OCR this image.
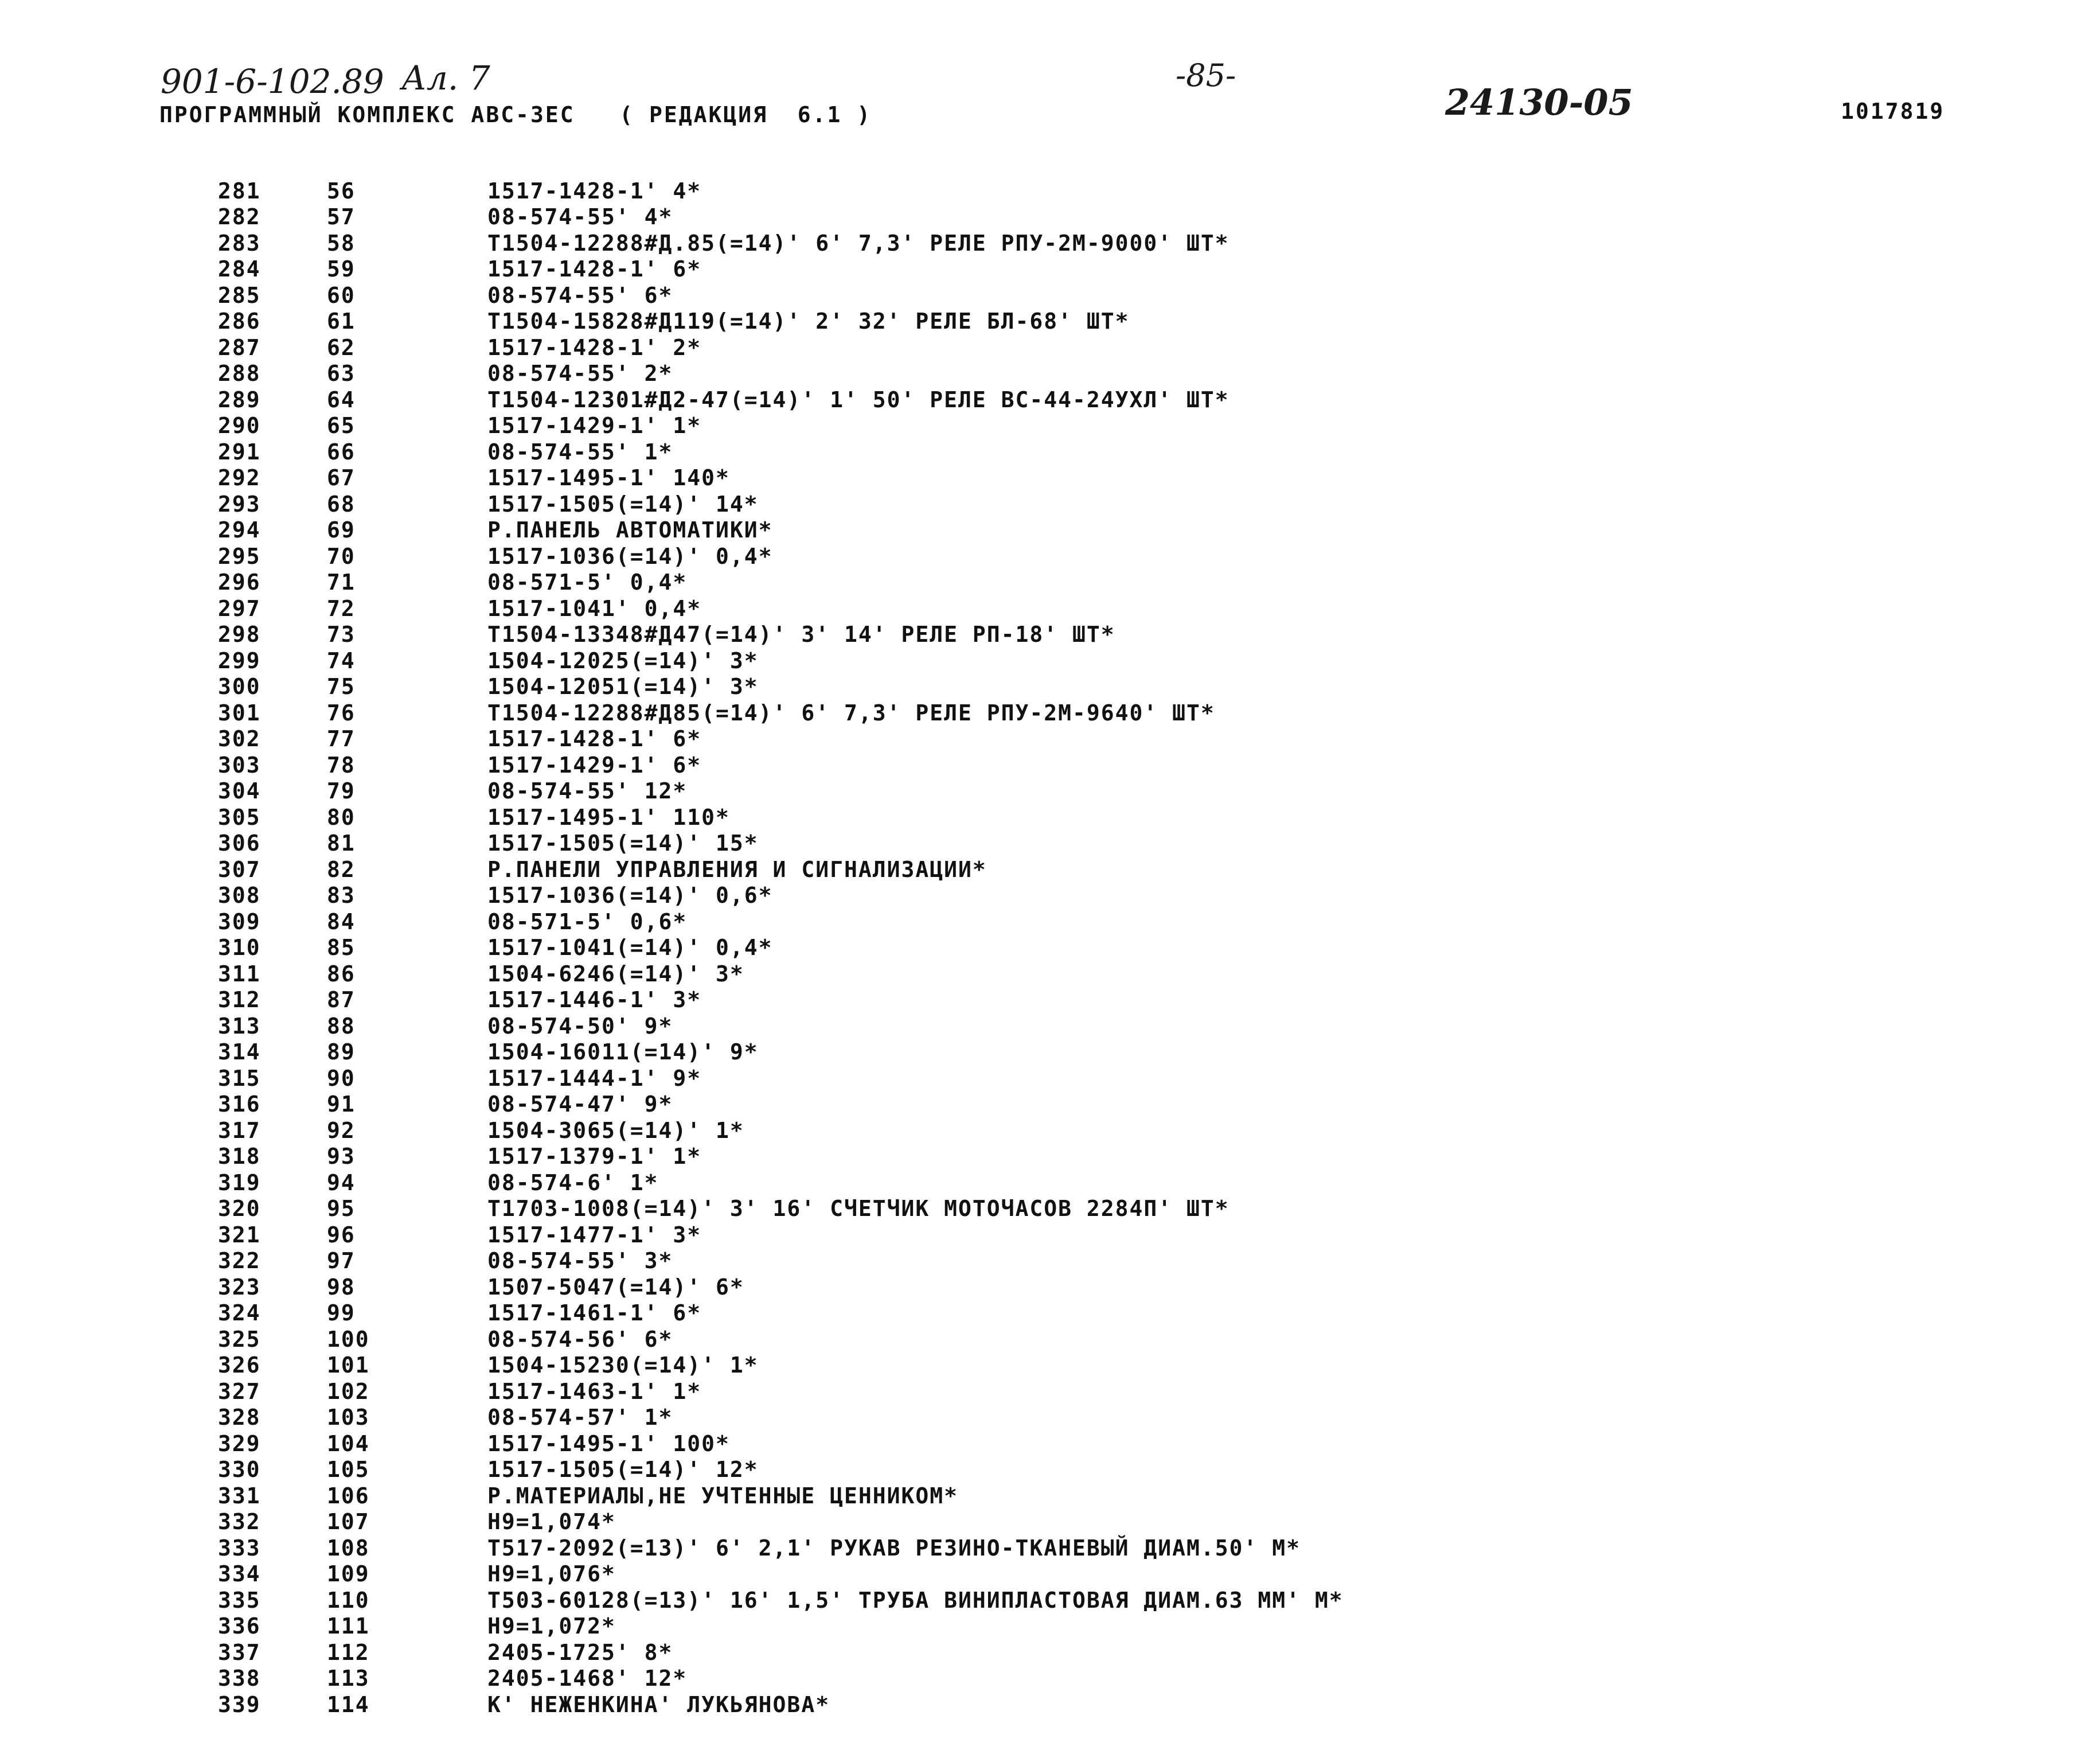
901-6-102.89 Ал. 7	-85-
24130-05
ПРОГРАММНЫЙ КОМПЛЕКС АВС-3ЕС   ( РЕДАКЦИЯ  6.1 )	1017819
281	56	1517-1428-1' 4*
282	57	08-574-55' 4*
283	58	T1504-12288#Д.85(=14)' 6' 7,3' РЕЛЕ РПУ-2М-9000' ШТ*
284	59	1517-1428-1' 6*
285	60	08-574-55' 6*
286	61	T1504-15828#Д119(=14)' 2' 32' РЕЛЕ БЛ-68' ШТ*
287	62	1517-1428-1' 2*
288	63	08-574-55' 2*
289	64	T1504-12301#Д2-47(=14)' 1' 50' РЕЛЕ ВС-44-24УХЛ' ШТ*
290	65	1517-1429-1' 1*
291	66	08-574-55' 1*
292	67	1517-1495-1' 140*
293	68	1517-1505(=14)' 14*
294	69	Р.ПАНЕЛЬ АВТОМАТИКИ*
295	70	1517-1036(=14)' 0,4*
296	71	08-571-5' 0,4*
297	72	1517-1041' 0,4*
298	73	T1504-13348#Д47(=14)' 3' 14' РЕЛЕ РП-18' ШТ*
299	74	1504-12025(=14)' 3*
300	75	1504-12051(=14)' 3*
301	76	T1504-12288#Д85(=14)' 6' 7,3' РЕЛЕ РПУ-2М-9640' ШТ*
302	77	1517-1428-1' 6*
303	78	1517-1429-1' 6*
304	79	08-574-55' 12*
305	80	1517-1495-1' 110*
306	81	1517-1505(=14)' 15*
307	82	Р.ПАНЕЛИ УПРАВЛЕНИЯ И СИГНАЛИЗАЦИИ*
308	83	1517-1036(=14)' 0,6*
309	84	08-571-5' 0,6*
310	85	1517-1041(=14)' 0,4*
311	86	1504-6246(=14)' 3*
312	87	1517-1446-1' 3*
313	88	08-574-50' 9*
314	89	1504-16011(=14)' 9*
315	90	1517-1444-1' 9*
316	91	08-574-47' 9*
317	92	1504-3065(=14)' 1*
318	93	1517-1379-1' 1*
319	94	08-574-6' 1*
320	95	T1703-1008(=14)' 3' 16' СЧЕТЧИК МОТОЧАСОВ 2284П' ШТ*
321	96	1517-1477-1' 3*
322	97	08-574-55' 3*
323	98	1507-5047(=14)' 6*
324	99	1517-1461-1' 6*
325	100	08-574-56' 6*
326	101	1504-15230(=14)' 1*
327	102	1517-1463-1' 1*
328	103	08-574-57' 1*
329	104	1517-1495-1' 100*
330	105	1517-1505(=14)' 12*
331	106	Р.МАТЕРИАЛЫ,НЕ УЧТЕННЫЕ ЦЕННИКОМ*
332	107	Н9=1,074*
333	108	T517-2092(=13)' 6' 2,1' РУКАВ РЕЗИНО-ТКАНЕВЫЙ ДИАМ.50' М*
334	109	Н9=1,076*
335	110	T503-60128(=13)' 16' 1,5' ТРУБА ВИНИПЛАСТОВАЯ ДИАМ.63 ММ' М*
336	111	Н9=1,072*
337	112	2405-1725' 8*
338	113	2405-1468' 12*
339	114	К' НЕЖЕНКИНА' ЛУКЬЯНОВА*
